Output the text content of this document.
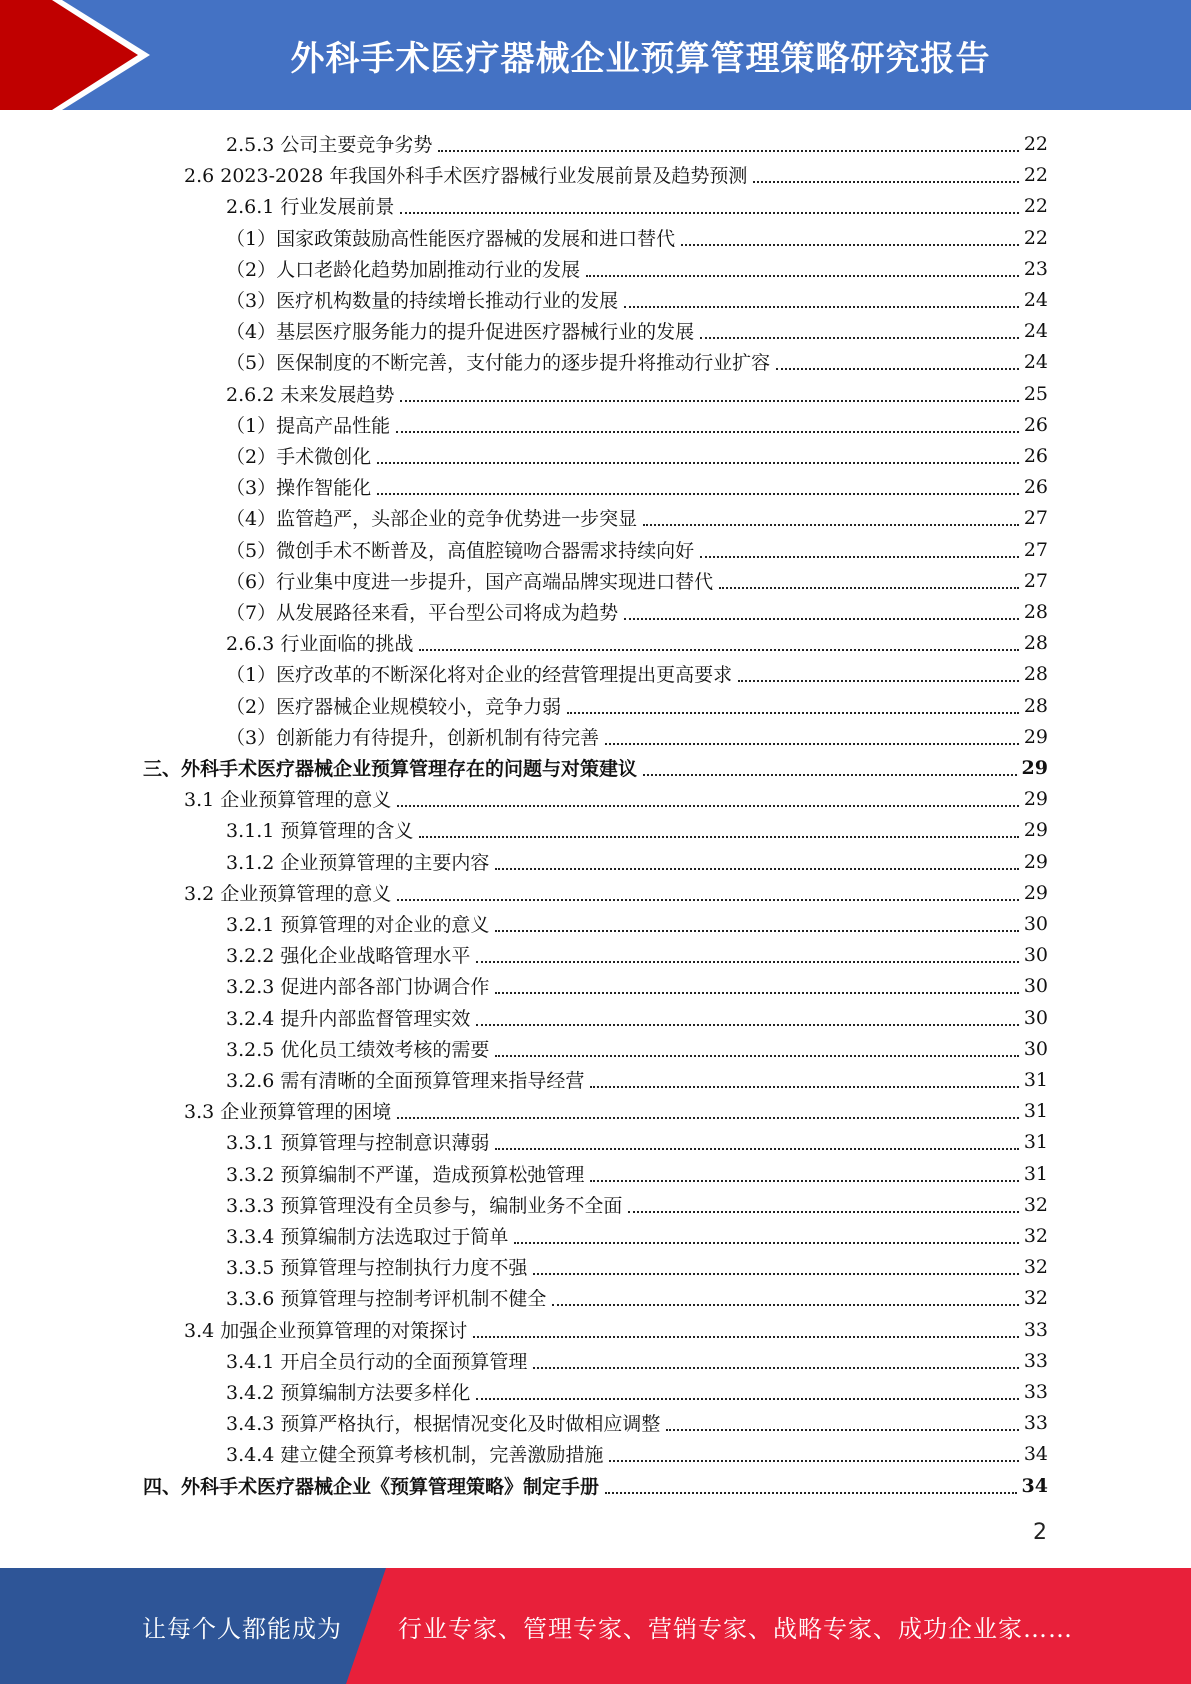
外科手术医疗器械企业预算管理策略研究报告
2.5.3 公司主要竞争劣势	22
2.6 2023-2028 年我国外科手术医疗器械行业发展前景及趋势预测	22
2.6.1 行业发展前景	22
（1）国家政策鼓励高性能医疗器械的发展和进口替代	22
（2）人口老龄化趋势加剧推动行业的发展	23
（3）医疗机构数量的持续增长推动行业的发展	24
（4）基层医疗服务能力的提升促进医疗器械行业的发展	24
（5）医保制度的不断完善，支付能力的逐步提升将推动行业扩容	24
2.6.2 未来发展趋势	25
（1）提高产品性能	26
（2）手术微创化	26
（3）操作智能化	26
（4）监管趋严，头部企业的竞争优势进一步突显	27
（5）微创手术不断普及，高值腔镜吻合器需求持续向好	27
（6）行业集中度进一步提升，国产高端品牌实现进口替代	27
（7）从发展路径来看，平台型公司将成为趋势	28
2.6.3 行业面临的挑战	28
（1）医疗改革的不断深化将对企业的经营管理提出更高要求	28
（2）医疗器械企业规模较小，竞争力弱	28
（3）创新能力有待提升，创新机制有待完善	29
三、外科手术医疗器械企业预算管理存在的问题与对策建议	29
3.1 企业预算管理的意义	29
3.1.1 预算管理的含义	29
3.1.2 企业预算管理的主要内容	29
3.2 企业预算管理的意义	29
3.2.1 预算管理的对企业的意义	30
3.2.2 强化企业战略管理水平	30
3.2.3 促进内部各部门协调合作	30
3.2.4 提升内部监督管理实效	30
3.2.5 优化员工绩效考核的需要	30
3.2.6 需有清晰的全面预算管理来指导经营	31
3.3 企业预算管理的困境	31
3.3.1 预算管理与控制意识薄弱	31
3.3.2 预算编制不严谨，造成预算松弛管理	31
3.3.3 预算管理没有全员参与，编制业务不全面	32
3.3.4 预算编制方法选取过于简单	32
3.3.5 预算管理与控制执行力度不强	32
3.3.6 预算管理与控制考评机制不健全	32
3.4 加强企业预算管理的对策探讨	33
3.4.1 开启全员行动的全面预算管理	33
3.4.2 预算编制方法要多样化	33
3.4.3 预算严格执行，根据情况变化及时做相应调整	33
3.4.4 建立健全预算考核机制，完善激励措施	34
四、外科手术医疗器械企业《预算管理策略》制定手册	34
2
让每个人都能成为 行业专家、管理专家、营销专家、战略专家、成功企业家……
